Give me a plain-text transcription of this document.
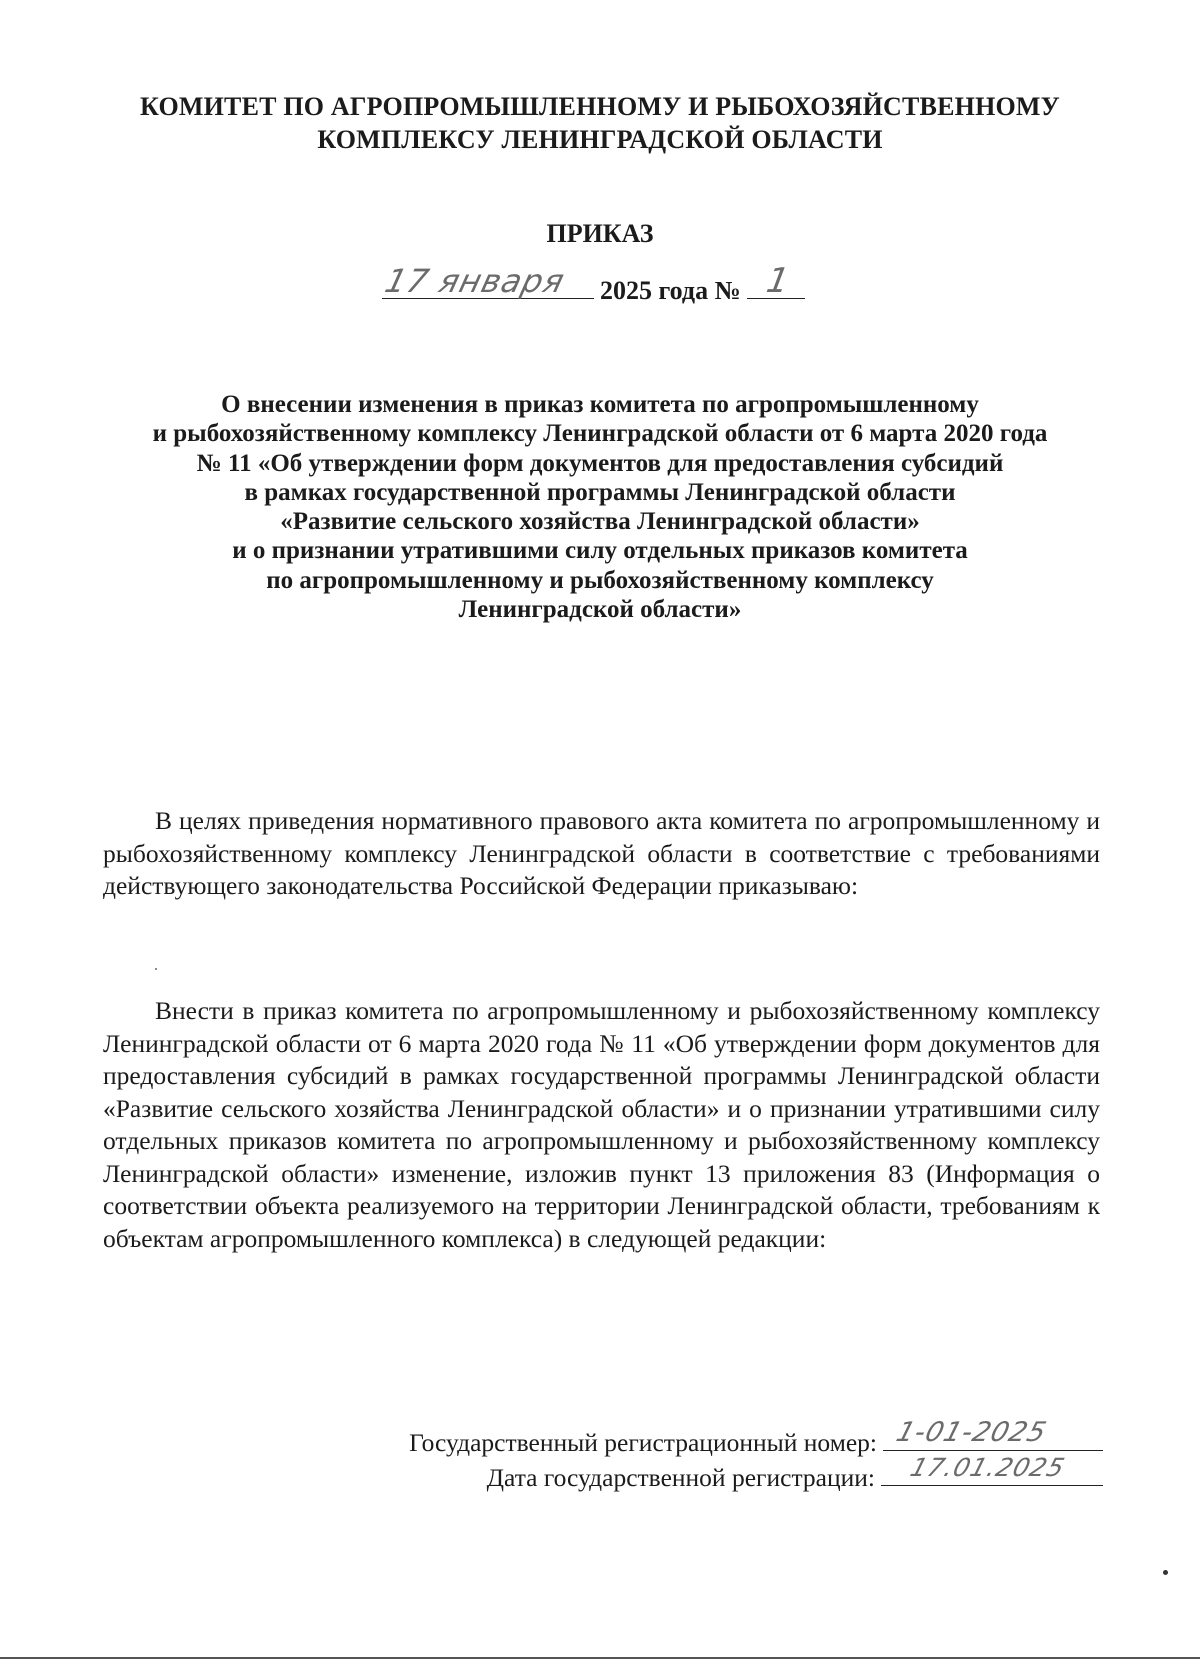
КОМИТЕТ ПО АГРОПРОМЫШЛЕННОМУ И РЫБОХОЗЯЙСТВЕННОМУ
КОМПЛЕКСУ ЛЕНИНГРАДСКОЙ ОБЛАСТИ
ПРИКАЗ
17 января 2025 года № 1
О внесении изменения в приказ комитета по агропромышленному
и рыбохозяйственному комплексу Ленинградской области от 6 марта 2020 года
№ 11 «Об утверждении форм документов для предоставления субсидий
в рамках государственной программы Ленинградской области
«Развитие сельского хозяйства Ленинградской области»
и о признании утратившими силу отдельных приказов комитета
по агропромышленному и рыбохозяйственному комплексу
Ленинградской области»

В целях приведения нормативного правового акта комитета по агропромышленному и рыбохозяйственному комплексу Ленинградской области в соответствие с требованиями действующего законодательства Российской Федерации приказываю:

Внести в приказ комитета по агропромышленному и рыбохозяйственному комплексу Ленинградской области от 6 марта 2020 года № 11 «Об утверждении форм документов для предоставления субсидий в рамках государственной программы Ленинградской области «Развитие сельского хозяйства Ленинградской области» и о признании утратившими силу отдельных приказов комитета по агропромышленному и рыбохозяйственному комплексу Ленинградской области» изменение, изложив пункт 13 приложения 83 (Информация о соответствии объекта реализуемого на территории Ленинградской области, требованиям к объектам агропромышленного комплекса) в следующей редакции:

Государственный регистрационный номер: 1-01-2025
Дата государственной регистрации: 17.01.2025
